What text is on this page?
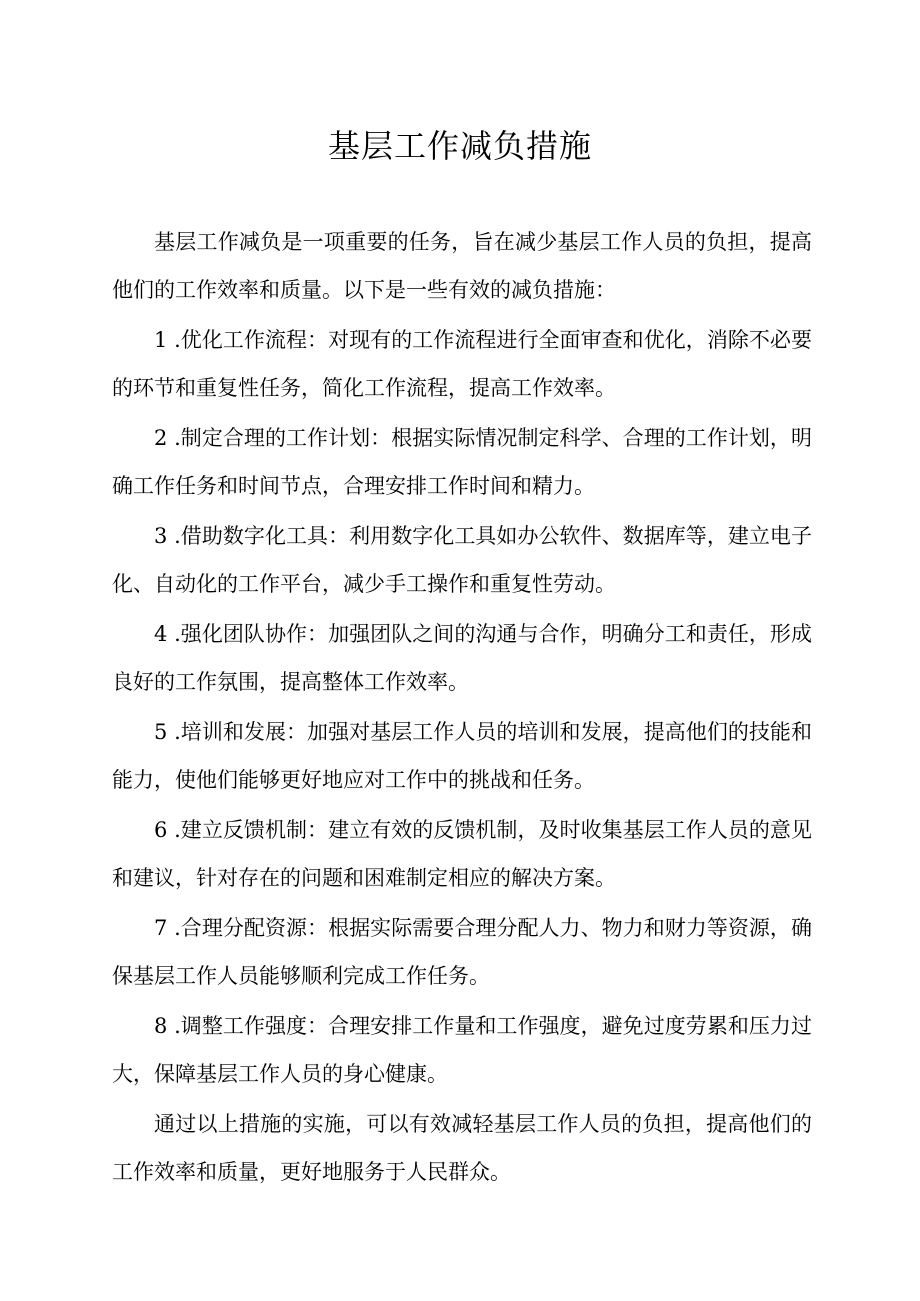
基层工作减负措施

基层工作减负是一项重要的任务，旨在减少基层工作人员的负担，提高他们的工作效率和质量。以下是一些有效的减负措施：

1 .优化工作流程：对现有的工作流程进行全面审查和优化，消除不必要的环节和重复性任务，简化工作流程，提高工作效率。

2 .制定合理的工作计划：根据实际情况制定科学、合理的工作计划，明确工作任务和时间节点，合理安排工作时间和精力。

3 .借助数字化工具：利用数字化工具如办公软件、数据库等，建立电子化、自动化的工作平台，减少手工操作和重复性劳动。

4 .强化团队协作：加强团队之间的沟通与合作，明确分工和责任，形成良好的工作氛围，提高整体工作效率。

5 .培训和发展：加强对基层工作人员的培训和发展，提高他们的技能和能力，使他们能够更好地应对工作中的挑战和任务。

6 .建立反馈机制：建立有效的反馈机制，及时收集基层工作人员的意见和建议，针对存在的问题和困难制定相应的解决方案。

7 .合理分配资源：根据实际需要合理分配人力、物力和财力等资源，确保基层工作人员能够顺利完成工作任务。

8 .调整工作强度：合理安排工作量和工作强度，避免过度劳累和压力过大，保障基层工作人员的身心健康。

通过以上措施的实施，可以有效减轻基层工作人员的负担，提高他们的工作效率和质量，更好地服务于人民群众。
